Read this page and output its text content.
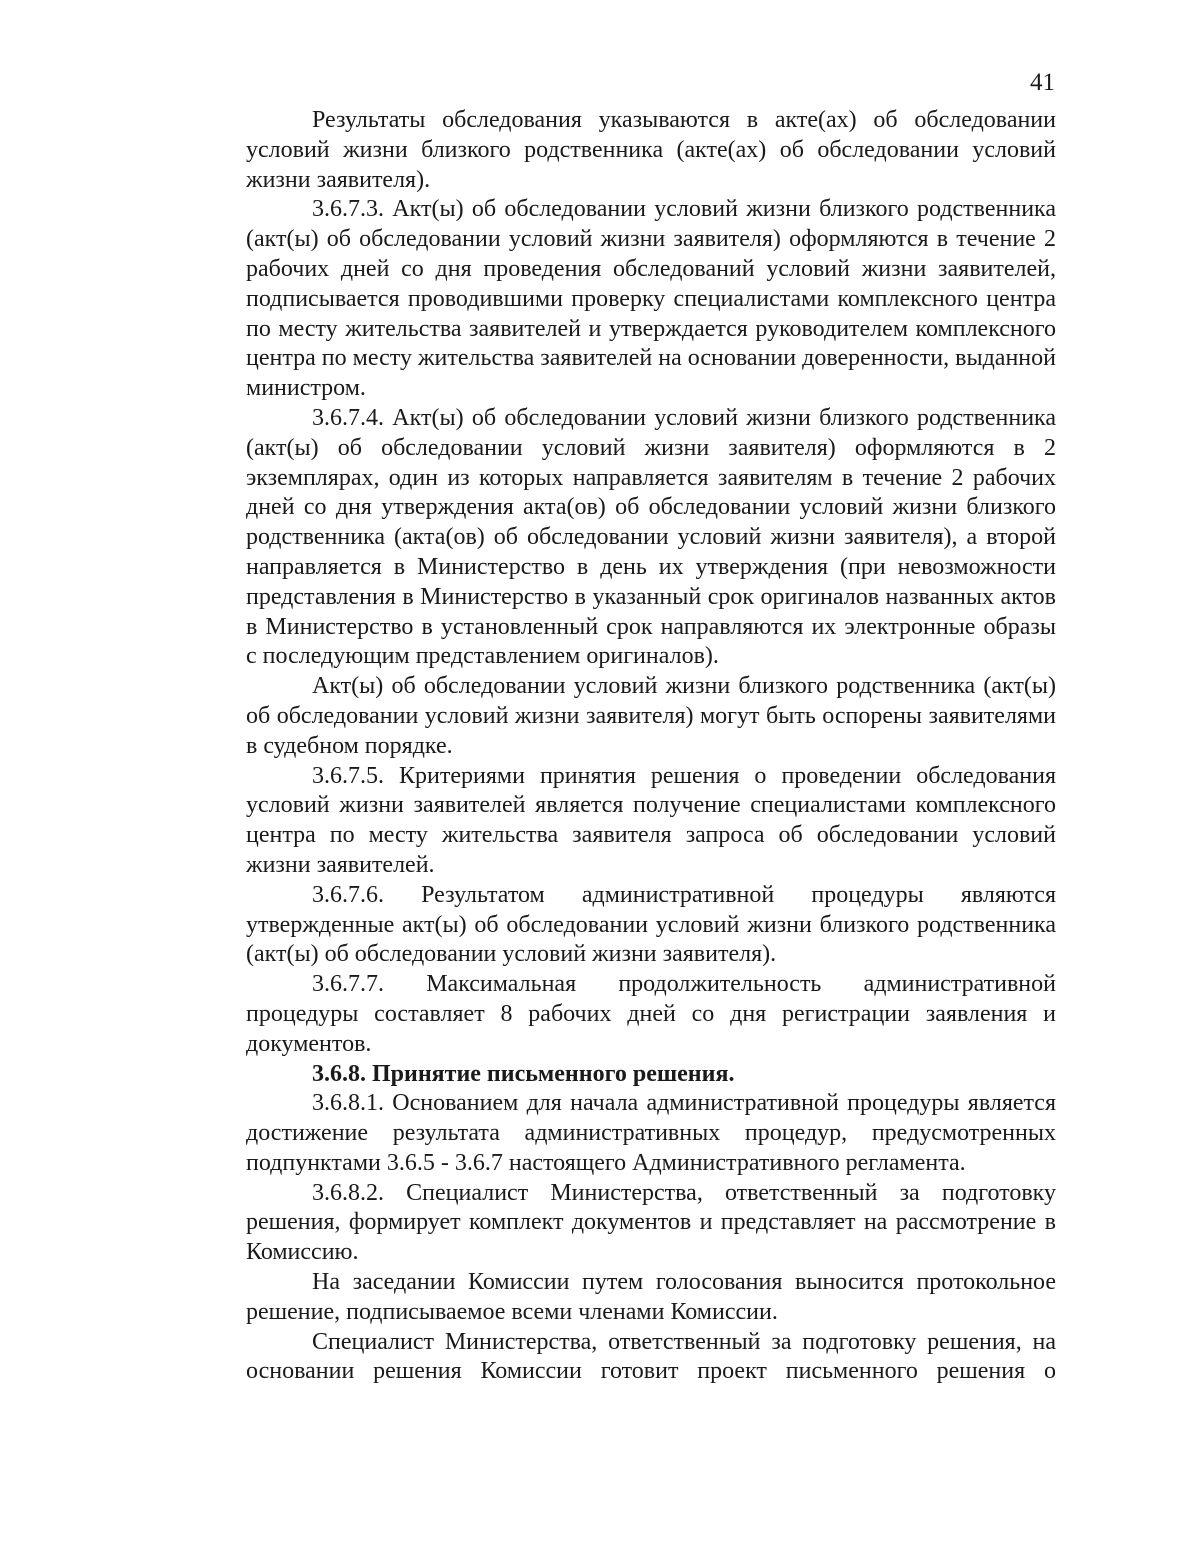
41

Результаты обследования указываются в акте(ах) об обследовании условий жизни близкого родственника (акте(ах) об обследовании условий жизни заявителя).

3.6.7.3. Акт(ы) об обследовании условий жизни близкого родственника (акт(ы) об обследовании условий жизни заявителя) оформляются в течение 2 рабочих дней со дня проведения обследований условий жизни заявителей, подписывается проводившими проверку специалистами комплексного центра по месту жительства заявителей и утверждается руководителем комплексного центра по месту жительства заявителей на основании доверенности, выданной министром.

3.6.7.4. Акт(ы) об обследовании условий жизни близкого родственника (акт(ы) об обследовании условий жизни заявителя) оформляются в 2 экземплярах, один из которых направляется заявителям в течение 2 рабочих дней со дня утверждения акта(ов) об обследовании условий жизни близкого родственника (акта(ов) об обследовании условий жизни заявителя), а второй направляется в Министерство в день их утверждения (при невозможности представления в Министерство в указанный срок оригиналов названных актов в Министерство в установленный срок направляются их электронные образы с последующим представлением оригиналов).

Акт(ы) об обследовании условий жизни близкого родственника (акт(ы) об обследовании условий жизни заявителя) могут быть оспорены заявителями в судебном порядке.

3.6.7.5. Критериями принятия решения о проведении обследования условий жизни заявителей является получение специалистами комплексного центра по месту жительства заявителя запроса об обследовании условий жизни заявителей.

3.6.7.6. Результатом административной процедуры являются утвержденные акт(ы) об обследовании условий жизни близкого родственника (акт(ы) об обследовании условий жизни заявителя).

3.6.7.7. Максимальная продолжительность административной процедуры составляет 8 рабочих дней со дня регистрации заявления и документов.

3.6.8. Принятие письменного решения.

3.6.8.1. Основанием для начала административной процедуры является достижение результата административных процедур, предусмотренных подпунктами 3.6.5 - 3.6.7 настоящего Административного регламента.

3.6.8.2. Специалист Министерства, ответственный за подготовку решения, формирует комплект документов и представляет на рассмотрение в Комиссию.

На заседании Комиссии путем голосования выносится протокольное решение, подписываемое всеми членами Комиссии.

Специалист Министерства, ответственный за подготовку решения, на основании решения Комиссии готовит проект письменного решения о
